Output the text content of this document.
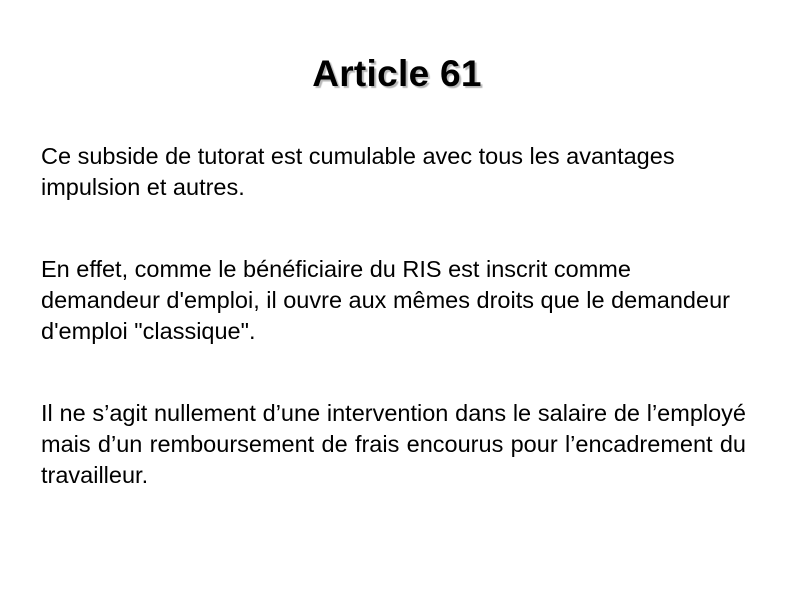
Article 61

Ce subside de tutorat est cumulable avec tous les avantages impulsion et autres.

En effet, comme le bénéficiaire du RIS est inscrit comme demandeur d'emploi, il ouvre aux mêmes droits que le demandeur d'emploi "classique".

Il ne s’agit nullement d’une intervention dans le salaire de l’employé mais d’un remboursement de frais encourus pour l’encadrement du travailleur.
